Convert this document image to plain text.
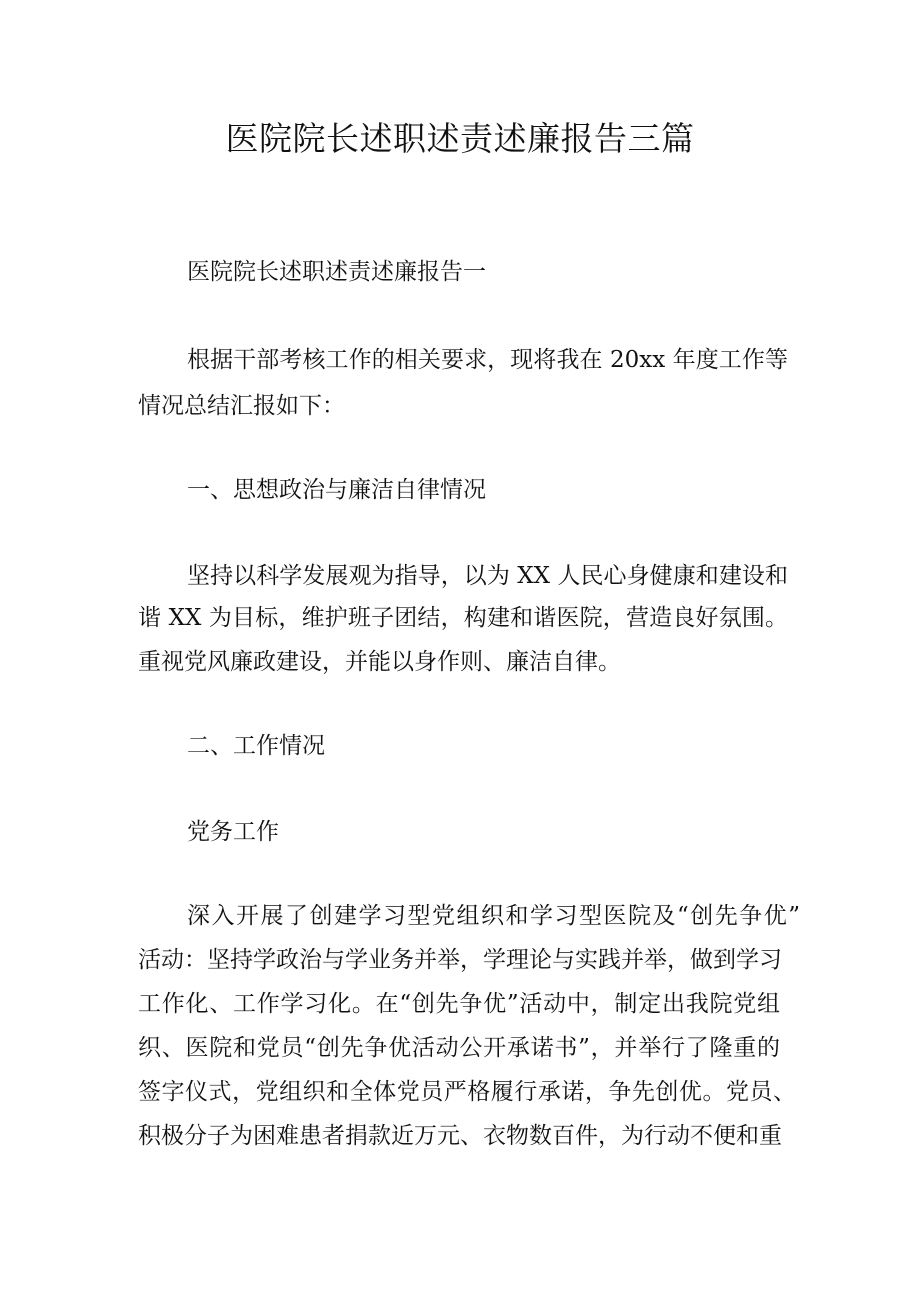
医院院长述职述责述廉报告三篇

医院院长述职述责述廉报告一

根据干部考核工作的相关要求，现将我在 20xx 年度工作等

情况总结汇报如下：

一、思想政治与廉洁自律情况

坚持以科学发展观为指导，以为 XX 人民心身健康和建设和

谐 XX 为目标，维护班子团结，构建和谐医院，营造良好氛围。

重视党风廉政建设，并能以身作则、廉洁自律。

二、工作情况

党务工作

深入开展了创建学习型党组织和学习型医院及“创先争优”

活动：坚持学政治与学业务并举，学理论与实践并举，做到学习

工作化、工作学习化。在“创先争优”活动中，制定出我院党组

织、医院和党员“创先争优活动公开承诺书”，并举行了隆重的

签字仪式，党组织和全体党员严格履行承诺，争先创优。党员、

积极分子为困难患者捐款近万元、衣物数百件，为行动不便和重
